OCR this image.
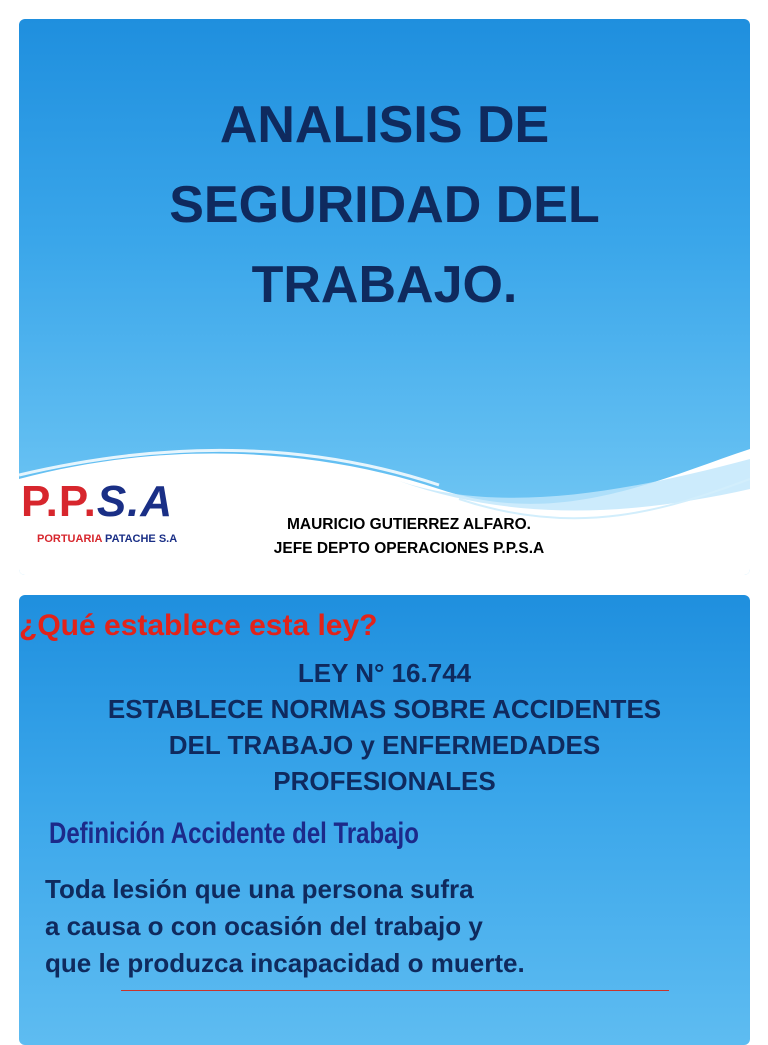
ANALISIS DE
SEGURIDAD DEL
TRABAJO.
P.P.S.A
PORTUARIA PATACHE S.A
MAURICIO GUTIERREZ ALFARO.
JEFE DEPTO OPERACIONES P.P.S.A
¿Qué establece esta ley?
LEY N° 16.744
ESTABLECE NORMAS SOBRE ACCIDENTES
DEL TRABAJO y ENFERMEDADES
PROFESIONALES
Definición Accidente del Trabajo
Toda lesión que una persona sufra
a causa o con ocasión del trabajo y
que le produzca incapacidad o muerte.
